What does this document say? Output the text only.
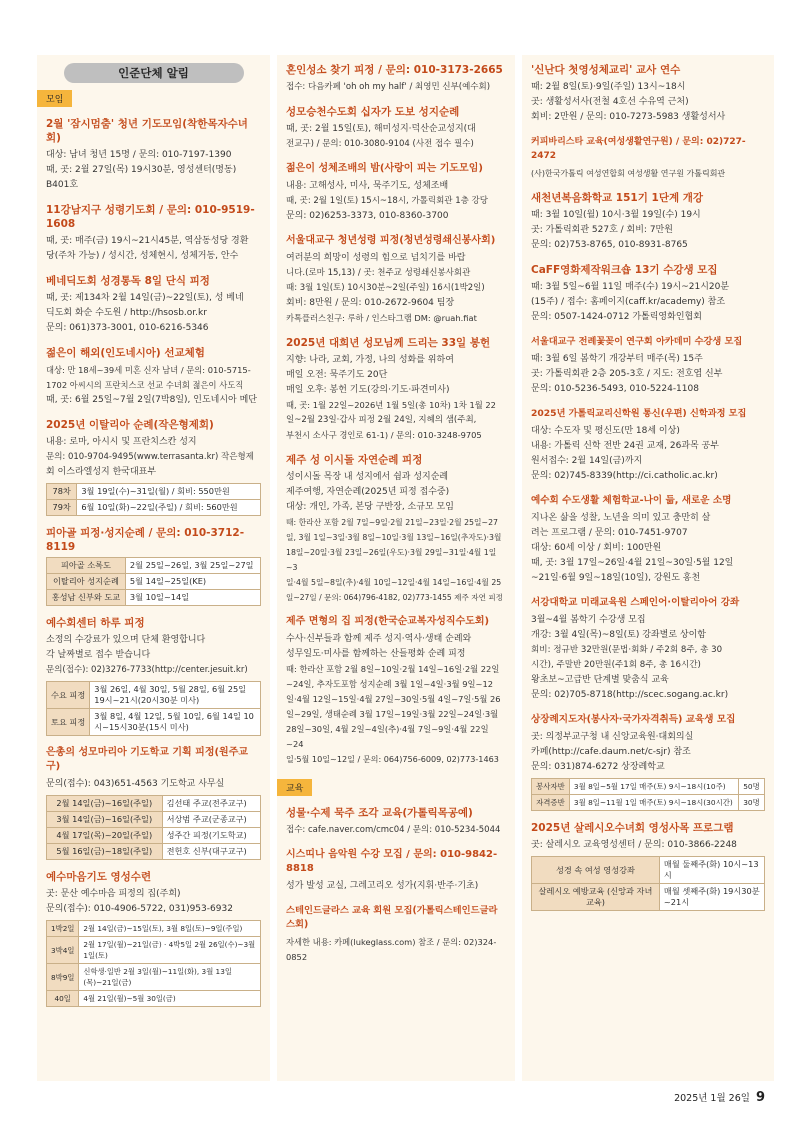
인준단체 알림
모임
2월 '잠시멈춤' 청년 기도모임(착한목자수녀회)

대상: 남녀 청년 15명 / 문의: 010-7197-1390

때, 곳: 2월 27일(목) 19시30분, 영성센터(명동) B401호

11강남지구 성령기도회 / 문의: 010-9519-1608

때, 곳: 매주(금) 19시~21시45분, 역삼동성당 경환

당(주차 가능) / 성시간, 성체현시, 성체거동, 안수

베네딕도회 성경통독 8일 단식 피정

때, 곳: 제134차 2월 14일(금)~22일(토), 성 베네

딕도회 화순 수도원 / http://hsosb.or.kr

문의: 061)373-3001, 010-6216-5346

젊은이 해외(인도네시아) 선교체험

대상: 만 18세~39세 미혼 신자 남녀 / 문의: 010-5715-

1702 아씨시의 프란치스코 선교 수녀회 젊은이 사도직

때, 곳: 6월 25일~7월 2일(7박8일), 인도네시아 메단

2025년 이탈리아 순례(작은형제회)

내용: 로마, 아시시 및 프란치스칸 성지

문의: 010-9704-9495(www.terrasanta.kr) 작은형제

회 이스라엘성지 한국대표부

78차	3월 19일(수)~31일(월) / 회비: 550만원
79차	6월 10일(화)~22일(주일) / 회비: 560만원
피아골 피정·성지순례 / 문의: 010-3712-8119
피아골 소록도	2월 25일~26일, 3월 25일~27일
이탈리아 성지순례	5월 14일~25일(KE)
홍성남 신부와 도교	3월 10일~14일
예수회센터 하루 피정

소정의 수강료가 있으며 단체 환영합니다

각 날짜별로 접수 받습니다

문의(접수): 02)3276-7733(http://center.jesuit.kr)

수요 피정	3월 26일, 4월 30일, 5월 28일, 6월 25일 19시~21시(20시30분 미사)
토요 피정	3월 8일, 4월 12일, 5월 10일, 6월 14일 10시~15시30분(15시 미사)
은총의 성모마리아 기도학교 기획 피정(원주교구)

문의(접수): 043)651-4563 기도학교 사무실

2월 14일(금)~16일(주일)	김선태 주교(전주교구)
3월 14일(금)~16일(주일)	서상범 주교(군종교구)
4월 17일(목)~20일(주일)	성주간 피정(기도학교)
5월 16일(금)~18일(주일)	전헌호 신부(대구교구)
예수마음기도 영성수련

곳: 문산 예수마음 피정의 집(주희)

문의(접수): 010-4906-5722, 031)953-6932

1박2일	2월 14일(금)~15일(토), 3월 8일(토)~9일(주일)
3박4일	2월 17일(월)~21일(금) · 4박5일 2월 26일(수)~3월 1일(토)
8박9일	신학생·일반 2월 3일(월)~11일(화), 3월 13일(목)~21일(금)
40일	4월 21일(월)~5월 30일(금)
혼인성소 찾기 피정 / 문의: 010-3173-2665

접수: 다음카페 'oh oh my half' / 최영민 신부(예수회)

성모승천수도회 십자가 도보 성지순례

때, 곳: 2월 15일(토), 해미성지·덕산순교성지(대

전교구) / 문의: 010-3080-9104 (사전 접수 필수)

젊은이 성체조배의 밤(사랑이 피는 기도모임)

내용: 고해성사, 미사, 묵주기도, 성체조배

때, 곳: 2월 1일(토) 15시~18시, 가톨릭회관 1층 강당

문의: 02)6253-3373, 010-8360-3700

서울대교구 청년성령 피정(청년성령쇄신봉사회)

여러분의 희망이 성령의 힘으로 넘치기를 바랍

니다.(로마 15,13) / 곳: 천주교 성령쇄신봉사회관

때: 3월 1일(토) 10시30분~2일(주일) 16시(1박2일)

회비: 8만원 / 문의: 010-2672-9604 팀장

카톡플러스친구: 루하 / 인스타그램 DM: @ruah.fiat

2025년 대희년 성모님께 드리는 33일 봉헌

지향: 나라, 교회, 가정, 나의 성화를 위하여

매일 오전: 묵주기도 20단

매일 오후: 봉헌 기도(강의·기도·파견미사)

때, 곳: 1월 22일~2026년 1월 5일(총 10차) 1차 1월 22

일~2월 23일·갑사 피정 2월 24일, 지혜의 샘(주최,

부천시 소사구 경인로 61-1) / 문의: 010-3248-9705

제주 성 이시돌 자연순례 피정

성이시돌 목장 내 성지에서 쉼과 성지순례

제주여행, 자연순례(2025년 피정 접수중)

대상: 개인, 가족, 본당 구반장, 소규모 모임

때: 한라산 포함 2월 7일~9일·2월 21일~23일·2월 25일~27

일, 3월 1일~3일·3월 8일~10일·3월 13일~16일(추자도)·3월

18일~20일·3월 23일~26일(우도)·3월 29일~31일·4월 1일~3

일·4월 5일~8일(추)·4월 10일~12일·4월 14일~16일·4월 25

일~27일 / 문의: 064)796-4182, 02)773-1455 제주 자연 피정

제주 면형의 집 피정(한국순교복자성직수도회)

수사·신부들과 함께 제주 성지·역사·생태 순례와

성무일도·미사를 함께하는 산들평화 순례 피정

때: 한라산 포함 2월 8일~10일·2월 14일~16일·2월 22일

~24일, 추자도포함 성지순례 3월 1일~4일·3월 9일~12

일·4월 12일~15일·4월 27일~30일·5월 4일~7일·5월 26

일~29일, 생태순례 3월 17일~19일·3월 22일~24일·3월

28일~30일, 4월 2일~4일(추)·4월 7일~9일·4월 22일~24

일·5월 10일~12일 / 문의: 064)756-6009, 02)773-1463

교육
성물·수제 묵주 조각 교육(가톨릭목공예)

접수: cafe.naver.com/cmc04 / 문의: 010-5234-5044

시스띠나 음악원 수강 모집 / 문의: 010-9842-8818

성가 발성 교실, 그레고리오 성가(지휘·반주·기초)

스테인드글라스 교육 회원 모집(가톨릭스테인드글라스회)

자세한 내용: 카페(lukeglass.com) 참조 / 문의: 02)324-0852

'신난다 첫영성체교리' 교사 연수

때: 2월 8일(토)·9일(주일) 13시~18시

곳: 생활성서사(전철 4호선 수유역 근처)

회비: 2만원 / 문의: 010-7273-5983 생활성서사

커피바리스타 교육(여성생활연구원) / 문의: 02)727-2472

(사)한국가톨릭 여성연합회 여성생활 연구원 가톨릭회관

새천년복음화학교 151기 1단계 개강

때: 3월 10일(월) 10시·3월 19일(수) 19시

곳: 가톨릭회관 527호 / 회비: 7만원

문의: 02)753-8765, 010-8931-8765

CaFF영화제작워크숍 13기 수강생 모집

때: 3월 5일~6월 11일 매주(수) 19시~21시20분

(15주) / 접수: 홈페이지(caff.kr/academy) 참조

문의: 0507-1424-0712 가톨릭영화인협회

서울대교구 전례꽃꽂이 연구회 아카데미 수강생 모집

때: 3월 6일 봄학기 개강부터 매주(목) 15주

곳: 가톨릭회관 2층 205-3호 / 지도: 전호엽 신부

문의: 010-5236-5493, 010-5224-1108

2025년 가톨릭교리신학원 통신(우편) 신학과정 모집

대상: 수도자 및 평신도(만 18세 이상)

내용: 가톨릭 신학 전반 24권 교재, 26과목 공부

원서접수: 2월 14일(금)까지

문의: 02)745-8339(http://ci.catholic.ac.kr)

예수회 수도생활 체험학교-나이 듦, 새로운 소명

지나온 삶을 성찰, 노년을 의미 있고 충만히 살

려는 프로그램 / 문의: 010-7451-9707

대상: 60세 이상 / 회비: 100만원

때, 곳: 3월 17일~26일·4월 21일~30일·5월 12일

~21일·6월 9일~18일(10일), 강원도 홍천

서강대학교 미래교육원 스페인어·이탈리아어 강좌

3월~4월 봄학기 수강생 모집

개강: 3월 4일(목)~8일(토) 강좌별로 상이함

회비: 정규반 32만원(문법·회화 / 주2회 8주, 총 30

시간), 주말반 20만원(주1회 8주, 총 16시간)

왕초보~고급반 단계별 맞춤식 교육

문의: 02)705-8718(http://scec.sogang.ac.kr)

상장례지도자(봉사자·국가자격취득) 교육생 모집

곳: 의정부교구청 내 신앙교육원·대회의실

카페(http://cafe.daum.net/c-sjr) 참조

문의: 031)874-6272 상장례학교

봉사자반	3월 8일~5월 17일 매주(토) 9시~18시(10주)	50명
자격증반	3월 8일~11월 1일 매주(토) 9시~18시(30시간)	30명
2025년 살레시오수녀회 영성사목 프로그램

곳: 살레시오 교육영성센터 / 문의: 010-3866-2248

성경 속 여성 영성강좌	매월 둘째주(화) 10시~13시
살레시오 예방교육 (신앙과 자녀교육)	매월 셋째주(화) 19시30분 ~21시
2025년 1월 26일 9
